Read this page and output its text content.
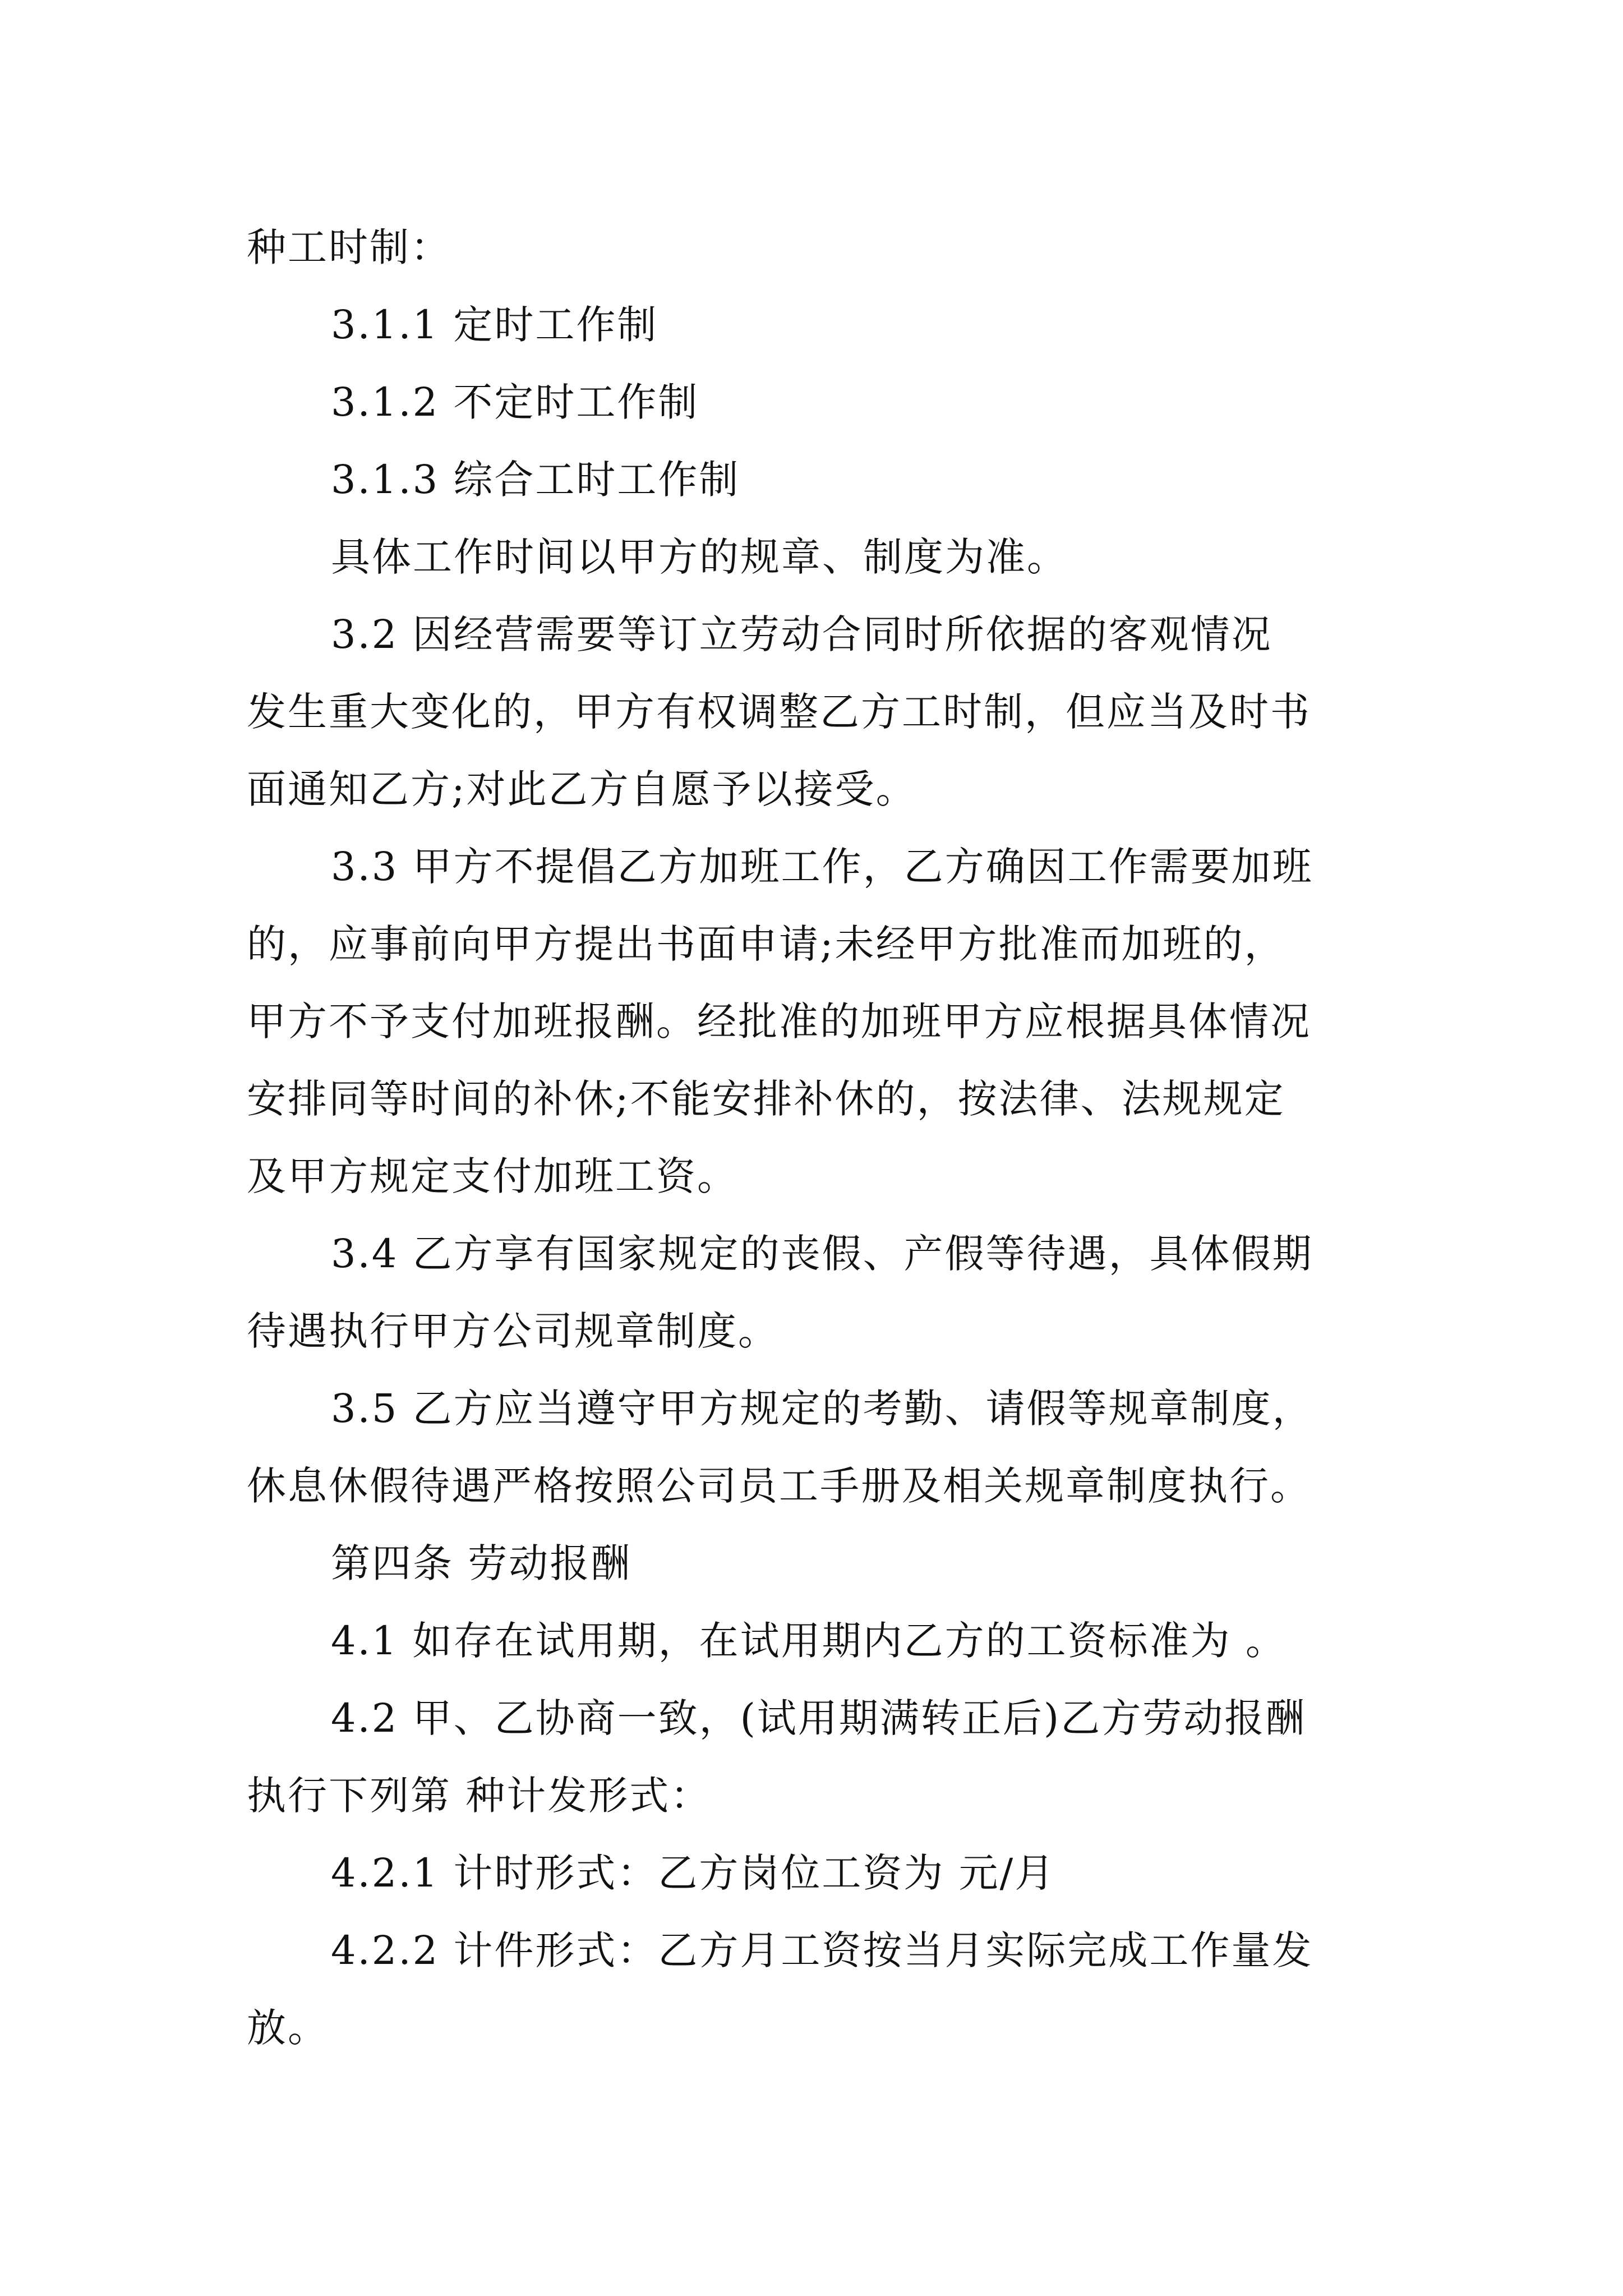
种工时制：
3.1.1 定时工作制
3.1.2 不定时工作制
3.1.3 综合工时工作制
具体工作时间以甲方的规章、制度为准。
3.2 因经营需要等订立劳动合同时所依据的客观情况
发生重大变化的，甲方有权调整乙方工时制，但应当及时书
面通知乙方;对此乙方自愿予以接受。
3.3 甲方不提倡乙方加班工作，乙方确因工作需要加班
的，应事前向甲方提出书面申请;未经甲方批准而加班的，
甲方不予支付加班报酬。经批准的加班甲方应根据具体情况
安排同等时间的补休;不能安排补休的，按法律、法规规定
及甲方规定支付加班工资。
3.4 乙方享有国家规定的丧假、产假等待遇，具体假期
待遇执行甲方公司规章制度。
3.5 乙方应当遵守甲方规定的考勤、请假等规章制度，
休息休假待遇严格按照公司员工手册及相关规章制度执行。
第四条 劳动报酬
4.1 如存在试用期，在试用期内乙方的工资标准为 。
4.2 甲、乙协商一致，(试用期满转正后)乙方劳动报酬
执行下列第 种计发形式：
4.2.1 计时形式：乙方岗位工资为 元/月
4.2.2 计件形式：乙方月工资按当月实际完成工作量发
放。
